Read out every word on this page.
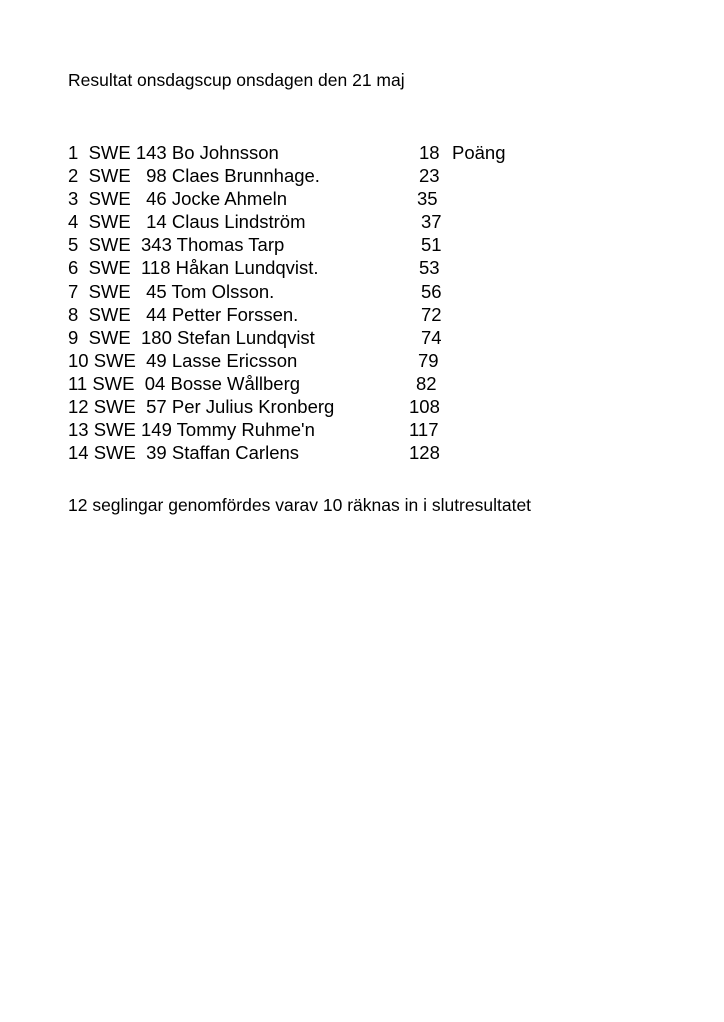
Resultat onsdagscup onsdagen den 21 maj
1  SWE 143 Bo Johnsson	18 Poäng
2  SWE   98 Claes Brunnhage.	23
3  SWE   46 Jocke Ahmeln	35
4  SWE   14 Claus Lindström	37
5  SWE  343 Thomas Tarp	51
6  SWE  118 Håkan Lundqvist.	53
7  SWE   45 Tom Olsson.	56
8  SWE   44 Petter Forssen.	72
9  SWE  180 Stefan Lundqvist	74
10 SWE  49 Lasse Ericsson	79
11 SWE  04 Bosse Wållberg	82
12 SWE  57 Per Julius Kronberg	108
13 SWE 149 Tommy Ruhme'n	117
14 SWE  39 Staffan Carlens	128
12 seglingar genomfördes varav 10 räknas in i slutresultatet
